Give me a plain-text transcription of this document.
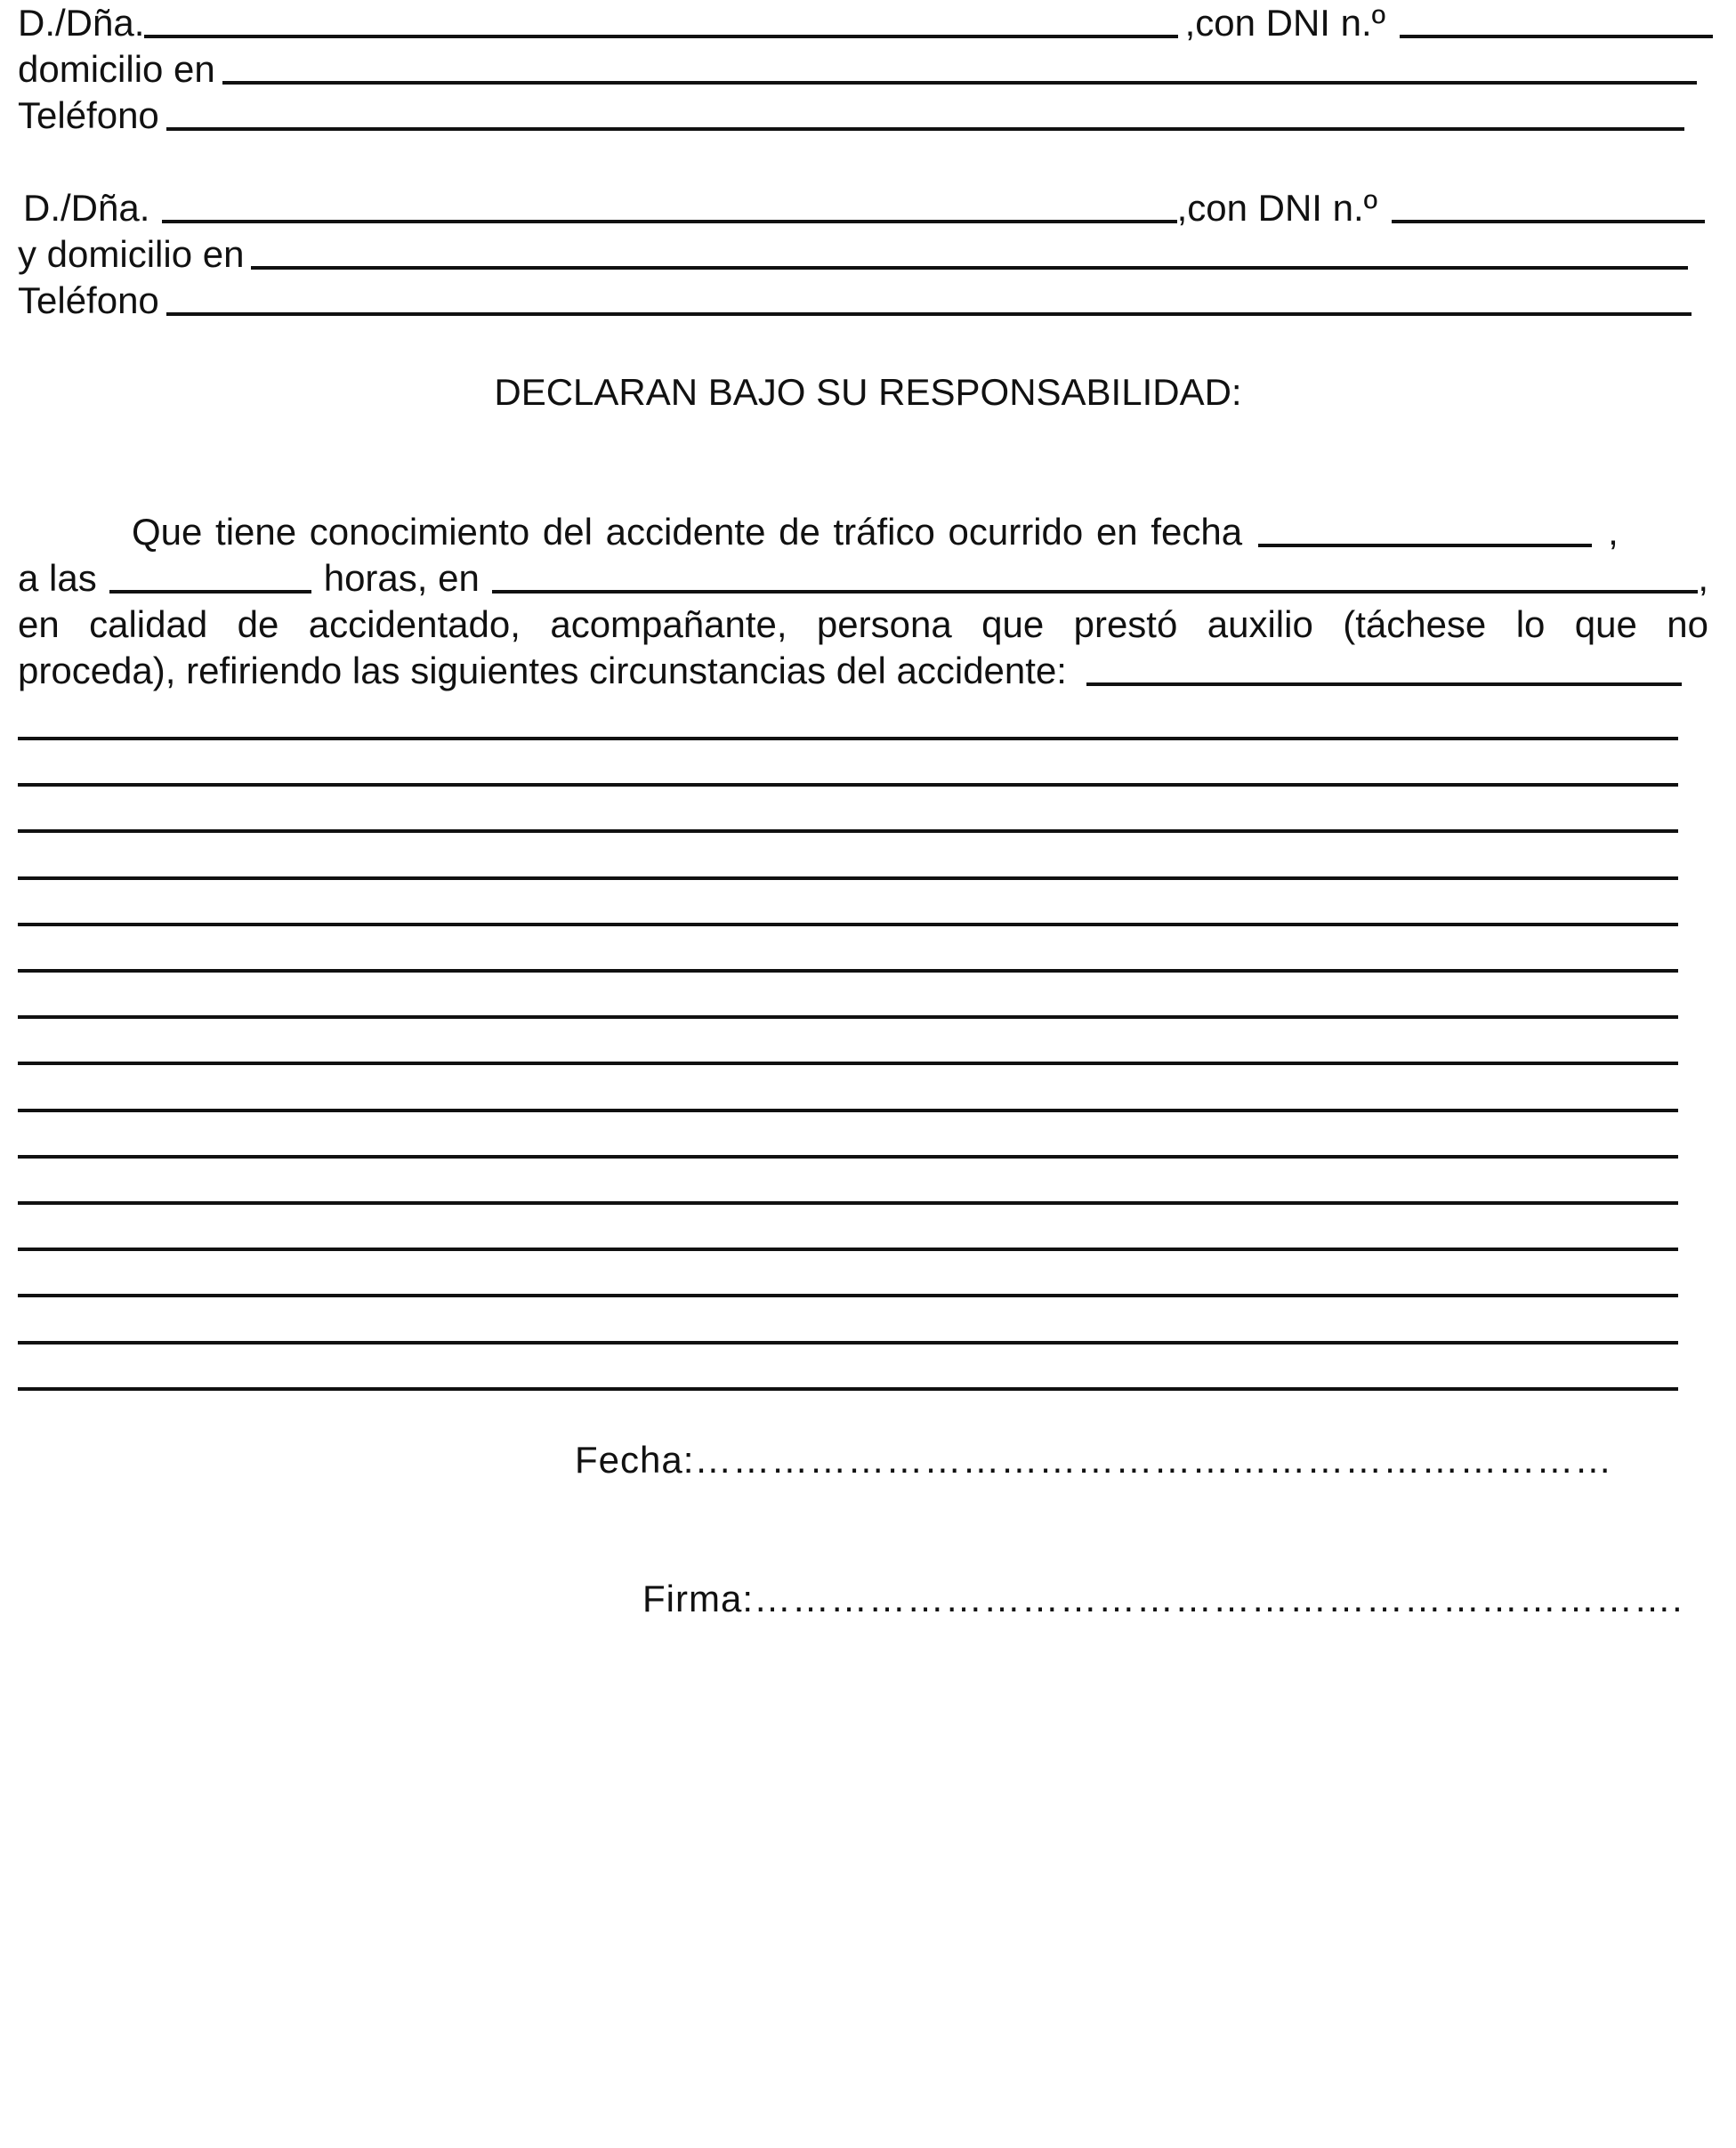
D./Dña.	,con DNI n.º
domicilio en
Teléfono
D./Dña.	,con DNI n.º
y domicilio en
Teléfono
DECLARAN BAJO SU RESPONSABILIDAD:
Que tiene conocimiento del accidente de tráfico ocurrido en fecha	,
a las	horas, en	,
en calidad de accidentado, acompañante, persona que prestó auxilio (táchese lo que no
proceda), refiriendo las siguientes circunstancias del accidente:
Fecha:………………………………………………………………
Firma:……………………………………………………………….
